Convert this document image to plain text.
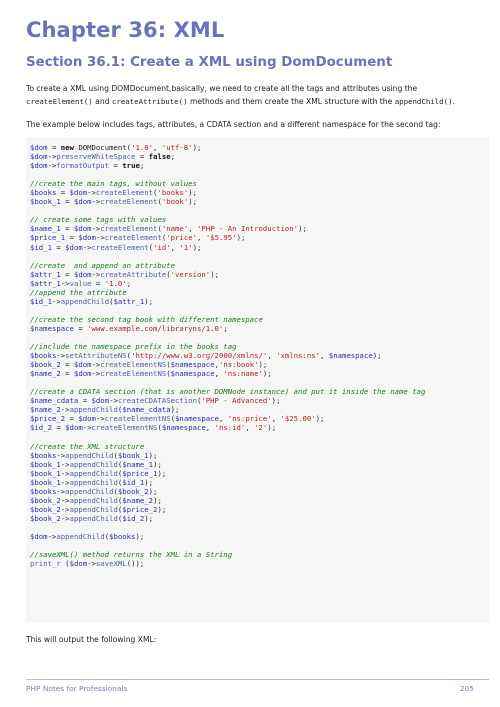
Chapter 36: XML
Section 36.1: Create a XML using DomDocument

To create a XML using DOMDocument,basically, we need to create all the tags and attributes using the
createElement() and createAttribute() methods and them create the XML structure with the appendChild().

The example below includes tags, attributes, a CDATA section and a different namespace for the second tag:

$dom = new DOMDocument('1.0', 'utf-8');
$dom->preserveWhiteSpace = false;
$dom->formatOutput = true;

//create the main tags, without values
$books = $dom->createElement('books');
$book_1 = $dom->createElement('book');

// create some tags with values
$name_1 = $dom->createElement('name', 'PHP - An Introduction');
$price_1 = $dom->createElement('price', '$5.95');
$id_1 = $dom->createElement('id', '1');

//create  and append an attribute
$attr_1 = $dom->createAttribute('version');
$attr_1->value = '1.0';
//append the attribute
$id_1->appendChild($attr_1);

//create the second tag book with different namespace
$namespace = 'www.example.com/libraryns/1.0';

//include the namespace prefix in the books tag
$books->setAttributeNS('http://www.w3.org/2000/xmlns/', 'xmlns:ns', $namespace);
$book_2 = $dom->createElementNS($namespace,'ns:book');
$name_2 = $dom->createElementNS($namespace, 'ns:name');

//create a CDATA section (that is another DOMNode instance) and put it inside the name tag
$name_cdata = $dom->createCDATASection('PHP - Advanced');
$name_2->appendChild($name_cdata);
$price_2 = $dom->createElementNS($namespace, 'ns:price', '$25.00');
$id_2 = $dom->createElementNS($namespace, 'ns:id', '2');

//create the XML structure
$books->appendChild($book_1);
$book_1->appendChild($name_1);
$book_1->appendChild($price_1);
$book_1->appendChild($id_1);
$books->appendChild($book_2);
$book_2->appendChild($name_2);
$book_2->appendChild($price_2);
$book_2->appendChild($id_2);

$dom->appendChild($books);

//saveXML() method returns the XML in a String
print_r ($dom->saveXML());

This will output the following XML:

PHP Notes for Professionals	205
